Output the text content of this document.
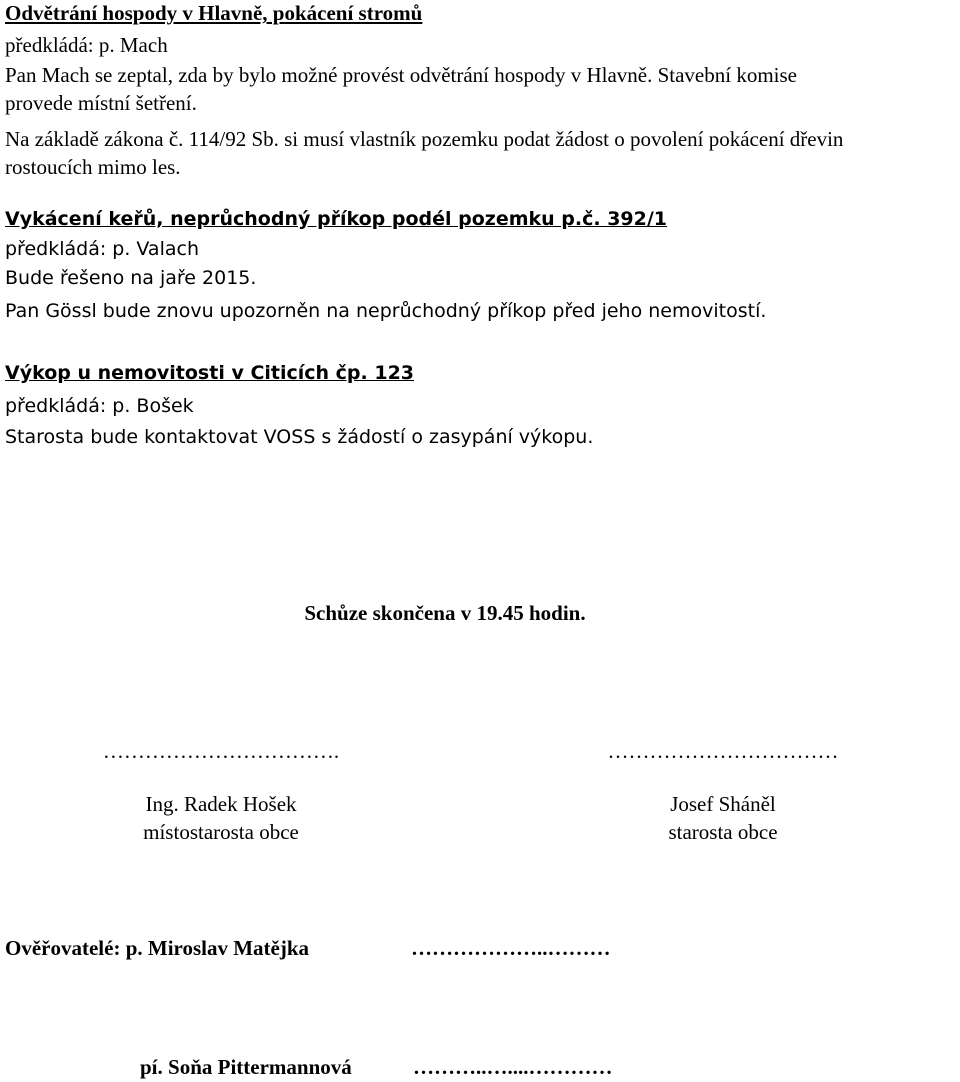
Odvětrání hospody v Hlavně, pokácení stromů

předkládá: p. Mach

Pan Mach se zeptal, zda by bylo možné provést odvětrání hospody v Hlavně. Stavební komise

provede místní šetření.

Na základě zákona č. 114/92 Sb. si musí vlastník pozemku podat žádost o povolení pokácení dřevin

rostoucích mimo les.

Vykácení keřů, neprůchodný příkop podél pozemku p.č. 392/1

předkládá: p. Valach

Bude řešeno na jaře 2015.

Pan Gössl bude znovu upozorněn na neprůchodný příkop před jeho nemovitostí.

Výkop u nemovitosti v Citicích čp. 123

předkládá: p. Bošek

Starosta bude kontaktovat VOSS s žádostí o zasypání výkopu.

Schůze skončena v 19.45 hodin.

…………………………….

Ing. Radek Hošek

místostarosta obce

……………………………

Josef Sháněl

starosta obce

Ověřovatelé: p. Miroslav Matějka	………………..………

pí. Soňa Pittermannová	………..…....…………
